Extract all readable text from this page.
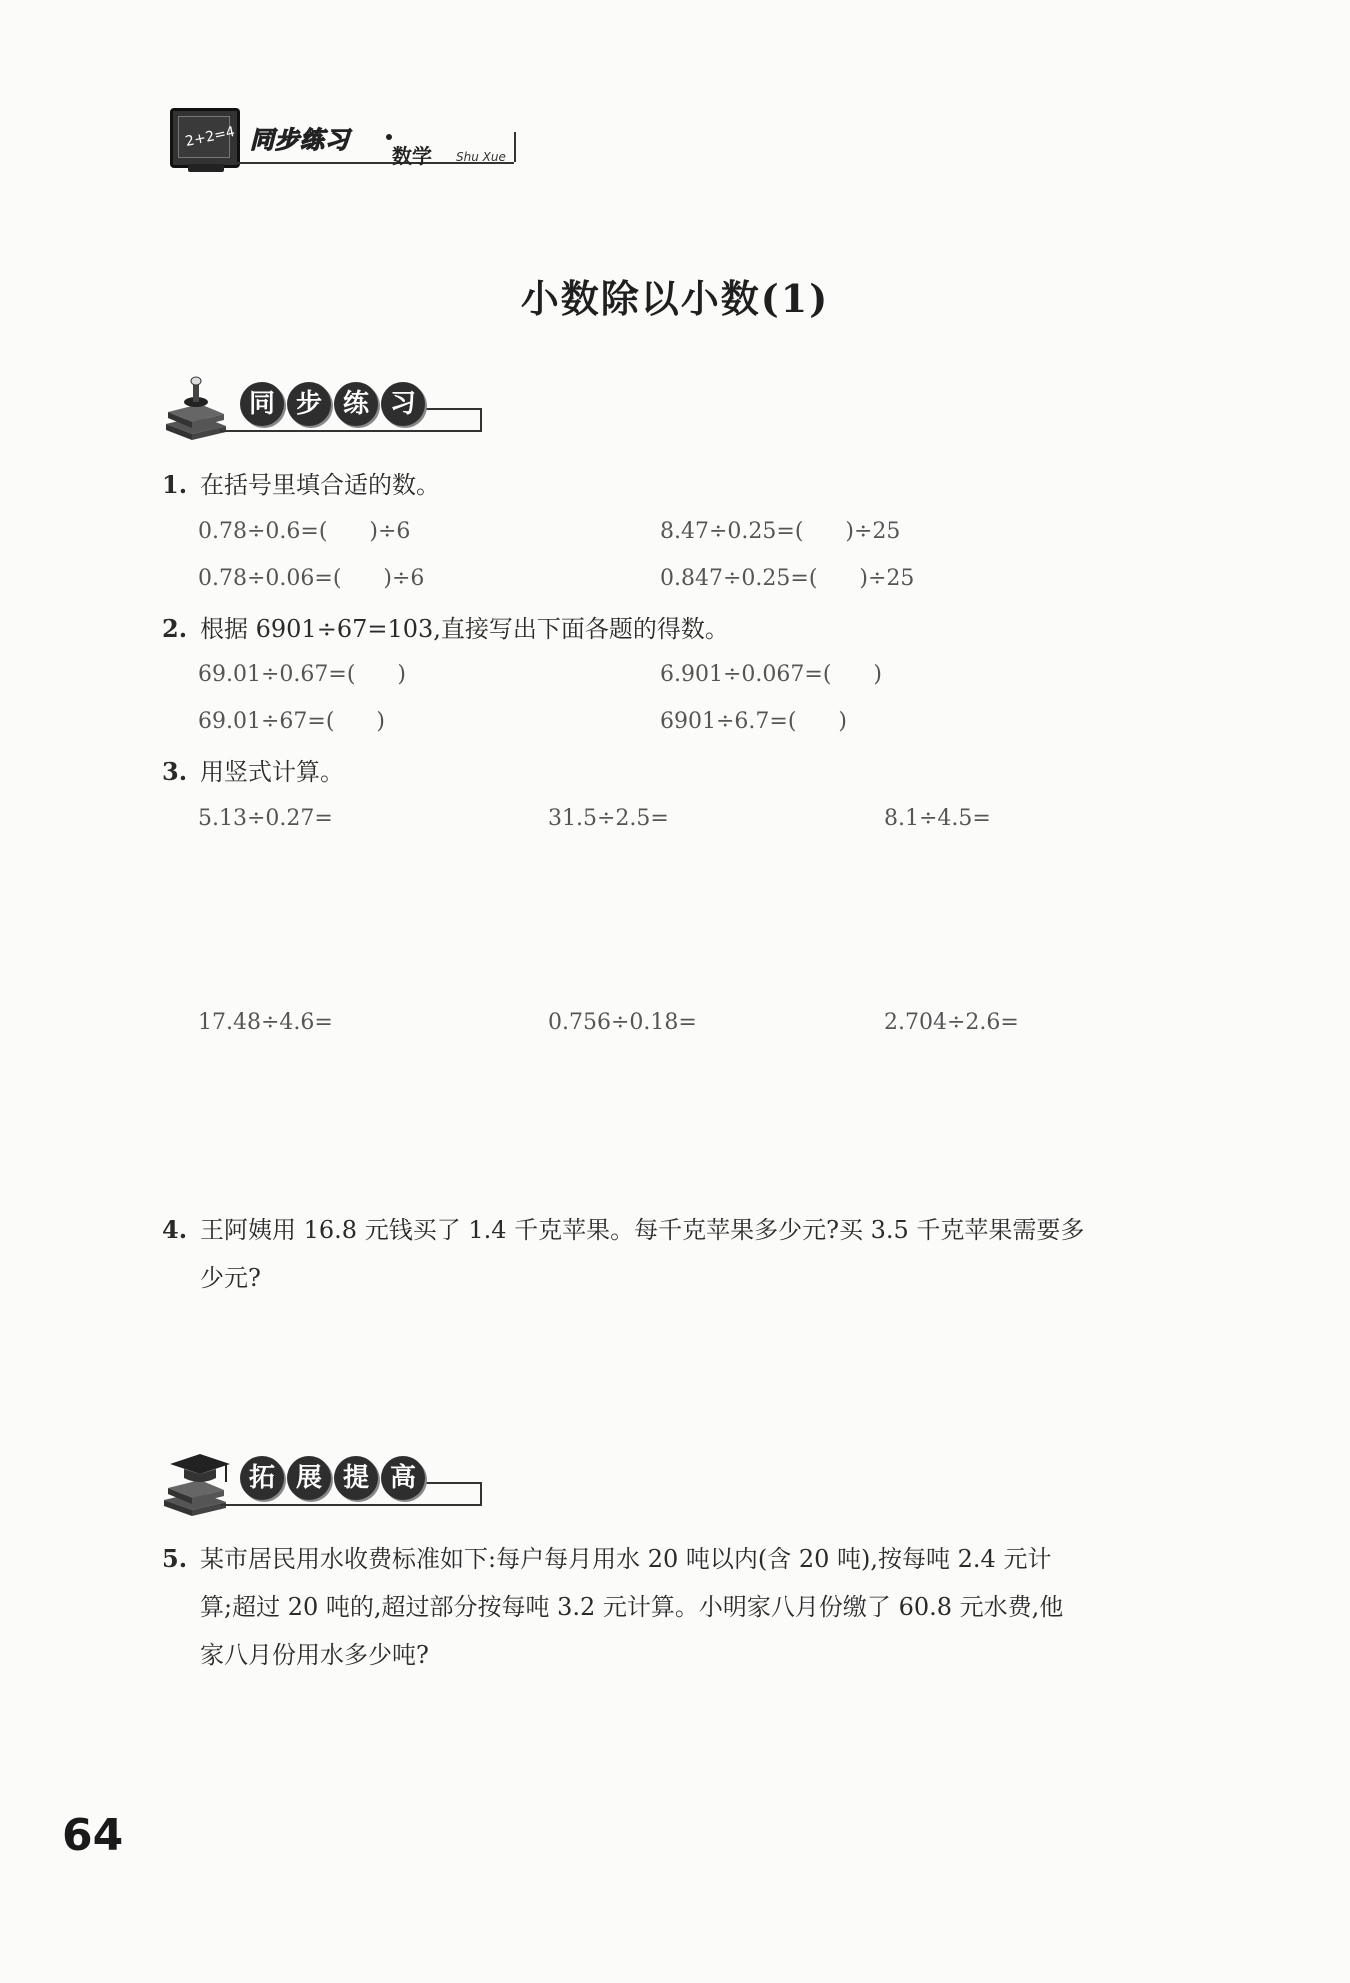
2+2=4 同步练习
数学 Shu Xue
小数除以小数(1)
同 步 练 习
1. 在括号里填合适的数。
0.78÷0.6=(      )÷6	8.47÷0.25=(      )÷25
0.78÷0.06=(      )÷6	0.847÷0.25=(      )÷25
2. 根据 6901÷67=103,直接写出下面各题的得数。
69.01÷0.67=(      )	6.901÷0.067=(      )
69.01÷67=(      )	6901÷6.7=(      )
3. 用竖式计算。
5.13÷0.27=	31.5÷2.5=	8.1÷4.5=
17.48÷4.6=	0.756÷0.18=	2.704÷2.6=
4. 王阿姨用 16.8 元钱买了 1.4 千克苹果。每千克苹果多少元?买 3.5 千克苹果需要多
少元?
拓 展 提 高
5. 某市居民用水收费标准如下:每户每月用水 20 吨以内(含 20 吨),按每吨 2.4 元计
算;超过 20 吨的,超过部分按每吨 3.2 元计算。小明家八月份缴了 60.8 元水费,他
家八月份用水多少吨?
64
